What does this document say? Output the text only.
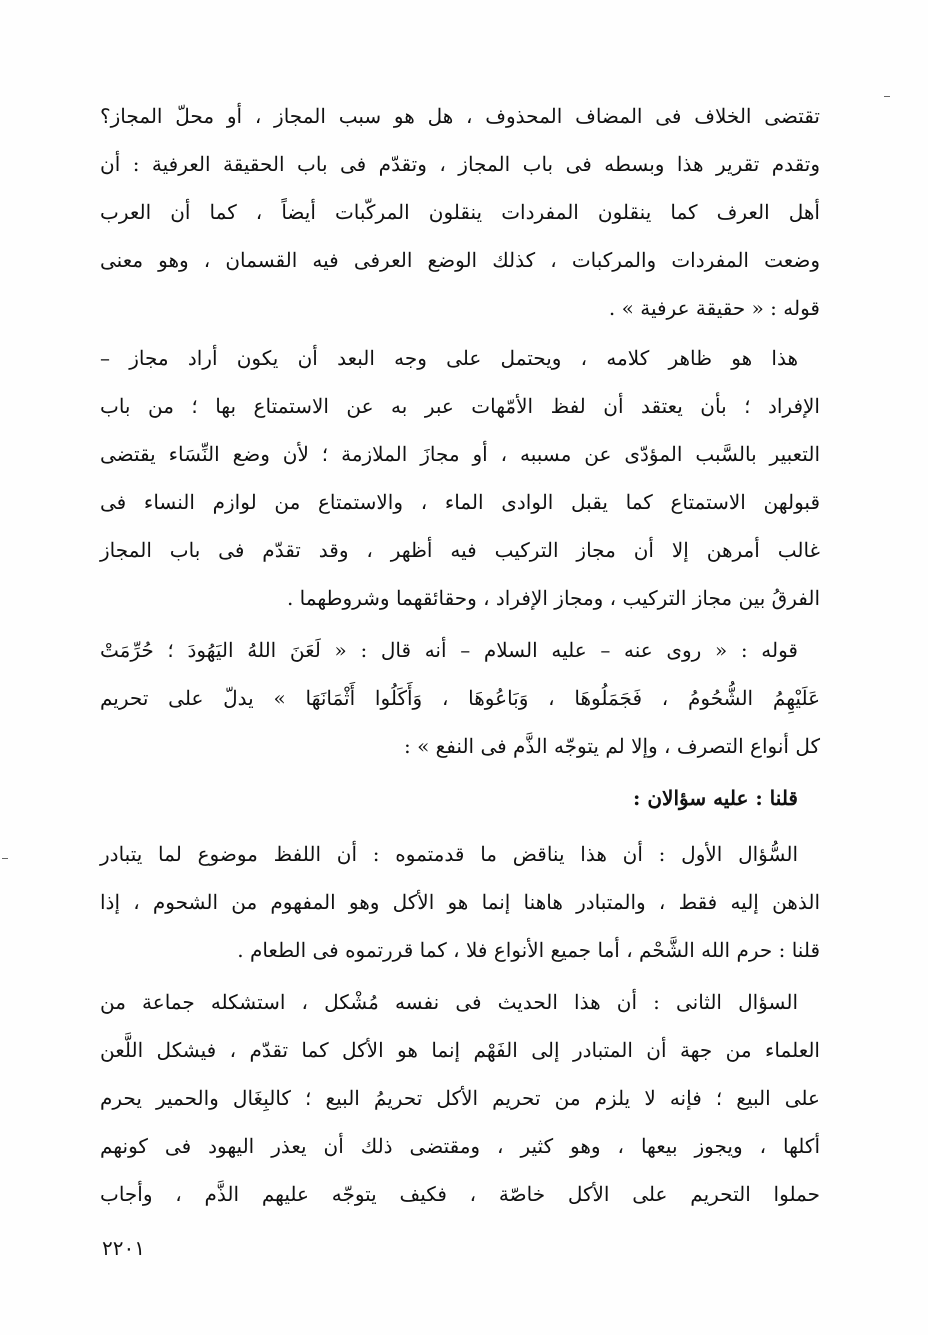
تقتضى الخلاف فى المضاف المحذوف ، هل هو سبب المجاز ، أو محلّ المجاز؟
وتقدم تقرير هذا وبسطه فى باب المجاز ، وتقدّم فى باب الحقيقة العرفية : أن
أهل العرف كما ينقلون المفردات ينقلون المركّبات أيضاً ، كما أن العرب
وضعت المفردات والمركبات ، كذلك الوضع العرفى فيه القسمان ، وهو معنى
قوله : « حقيقة عرفية » .
هذا هو ظاهر كلامه ، ويحتمل على وجه البعد أن يكون أراد مجاز –
الإفراد ؛ بأن يعتقد أن لفظ الأمّهات عبر به عن الاستمتاع بها ؛ من باب
التعبير بالسَّبب المؤدّى عن مسببه ، أو مجازَ الملازمة ؛ لأن وضع النِّسَاء يقتضى
قبولهن الاستمتاع كما يقبل الوادى الماء ، والاستمتاع من لوازم النساء فى
غالب أمرهن إلا أن مجاز التركيب فيه أظهر ، وقد تقدّم فى باب المجاز
الفرقُ بين مجاز التركيب ، ومجاز الإفراد ، وحقائقهما وشروطهما .
قوله : « روى عنه – عليه السلام – أنه قال : « لَعَنَ اللهُ اليَهُودَ ؛ حُرِّمَتْ
عَلَيْهِمُ الشُّحُومُ ، فَجَمَلُوهَا ، وَبَاعُوهَا ، وَأَكَلُوا أَثْمَانَهَا » يدلّ على تحريم
كل أنواع التصرف ، وإلا لم يتوجّه الذَّم فى النفع » :
قلنا : عليه سؤالان :
السُّؤال الأول : أن هذا يناقض ما قدمتموه : أن اللفظ موضوع لما يتبادر
الذهن إليه فقط ، والمتبادر هاهنا إنما هو الأكل وهو المفهوم من الشحوم ، إذا
قلنا : حرم الله الشَّحْم ، أما جميع الأنواع فلا ، كما قررتموه فى الطعام .
السؤال الثانى : أن هذا الحديث فى نفسه مُشْكل ، استشكله جماعة من
العلماء من جهة أن المتبادر إلى الفَهْم إنما هو الأكل كما تقدّم ، فيشكل اللَّعن
على البيع ؛ فإنه لا يلزم من تحريم الأكل تحريمُ البيع ؛ كالبِغَال والحمير يحرم
أكلها ، ويجوز بيعها ، وهو كثير ، ومقتضى ذلك أن يعذر اليهود فى كونهم
حملوا التحريم على الأكل خاصّة ، فكيف يتوجّه عليهم الذَّم ، وأجاب
٢٢٠١
